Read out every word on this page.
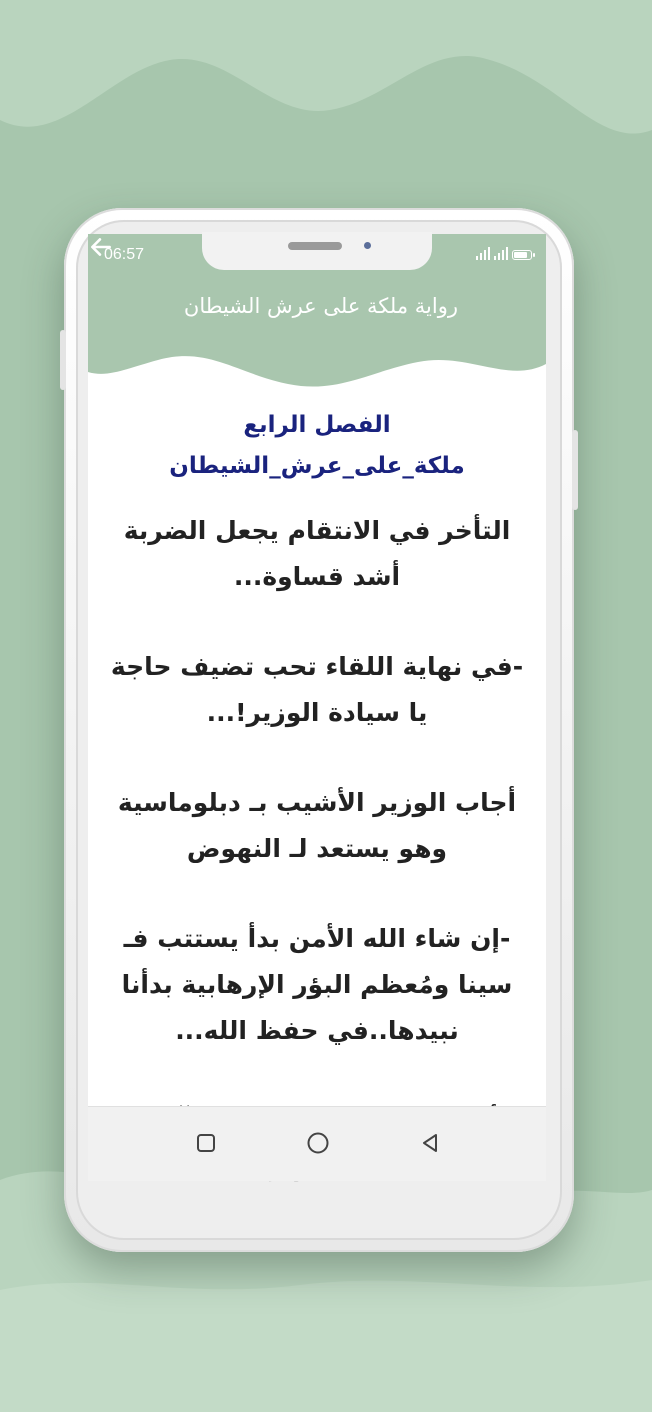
06:57
رواية ملكة على عرش الشيطان
الفصل الرابع
ملكة_على_عرش_الشيطان

التأخر في الانتقام يجعل الضربة أشد قساوة...

-في نهاية اللقاء تحب تضيف حاجة يا سيادة الوزير!...

أجاب الوزير الأشيب بـ دبلوماسية وهو يستعد لـ النهوض

-إن شاء الله الأمن بدأ يستتب فـ سينا ومُعظم البؤر الإرهابية بدأنا نبيدها..في حفظ الله...
